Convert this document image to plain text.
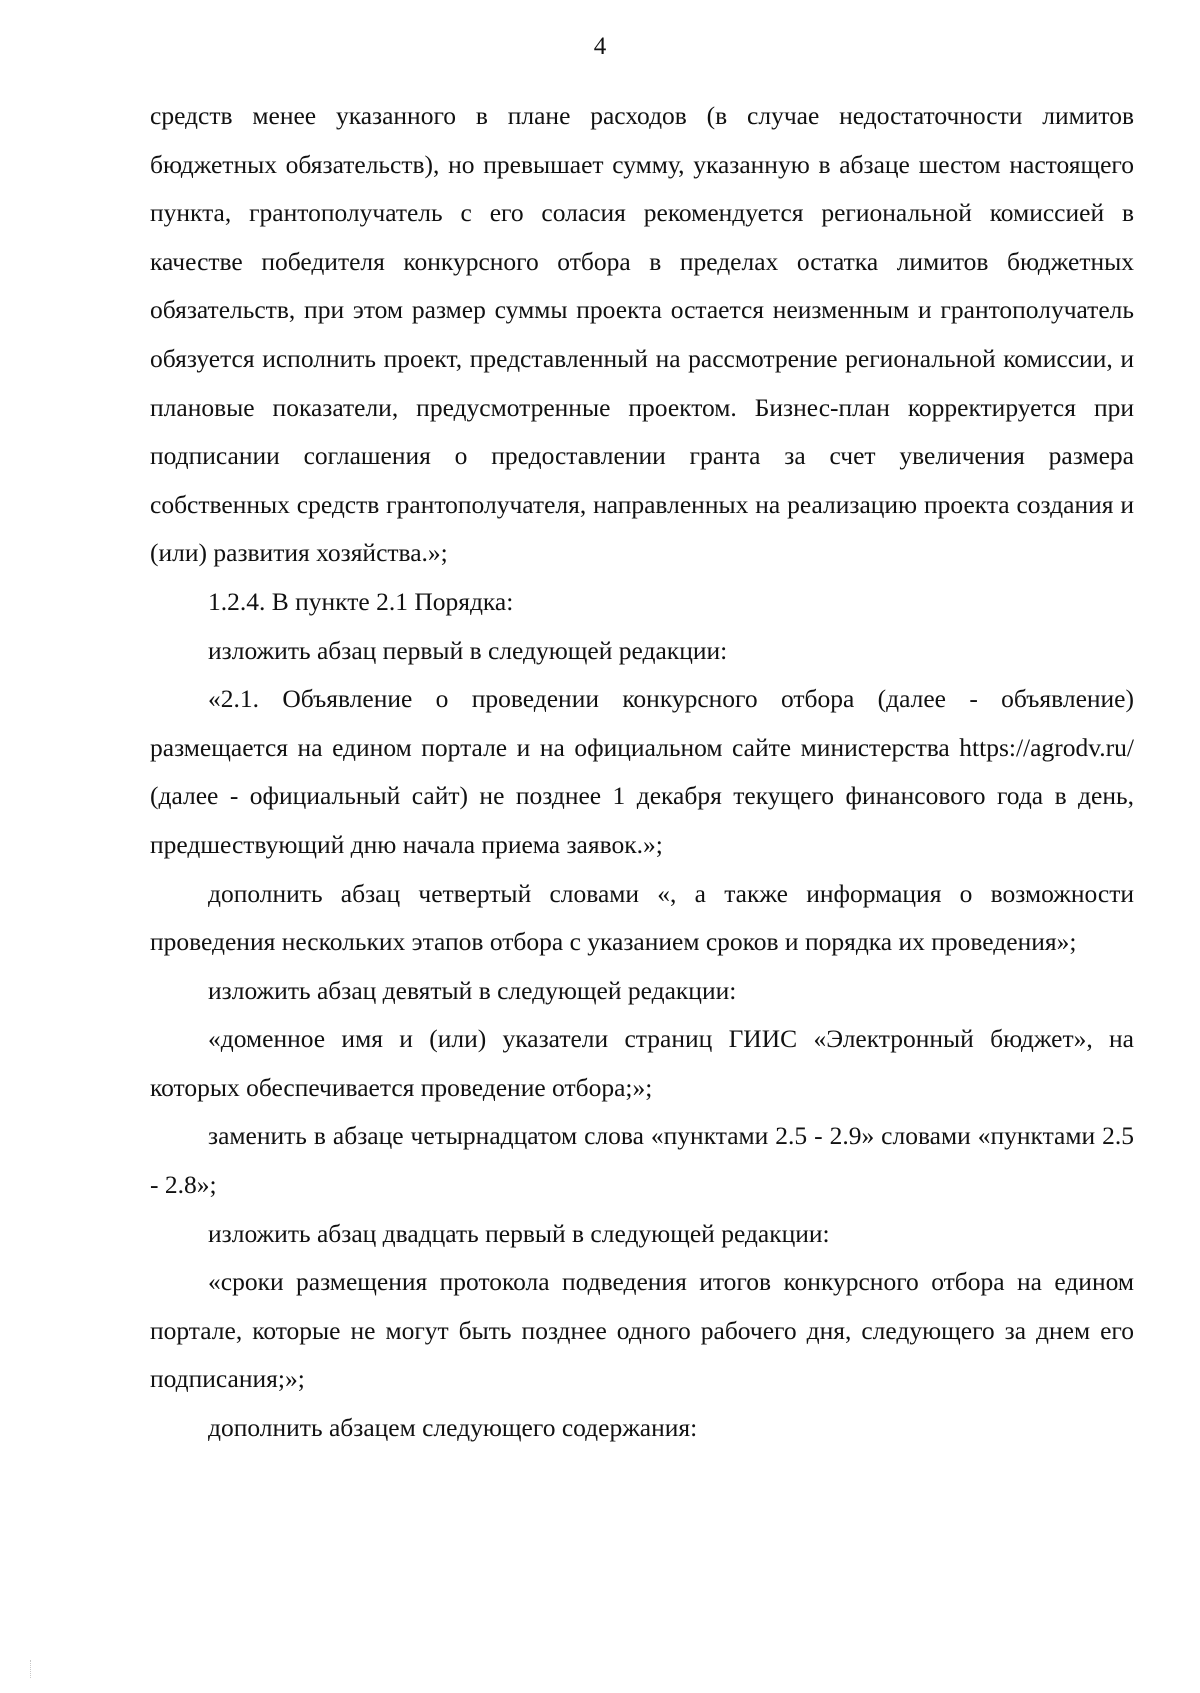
4

средств менее указанного в плане расходов (в случае недостаточности лимитов бюджетных обязательств), но превышает сумму, указанную в абзаце шестом настоящего пункта, грантополучатель с его соласия рекомендуется региональной комиссией в качестве победителя конкурсного отбора в пределах остатка лимитов бюджетных обязательств, при этом размер суммы проекта остается неизменным и грантополучатель обязуется исполнить проект, представленный на рассмотрение региональной комиссии, и плановые показатели, предусмотренные проектом. Бизнес-план корректируется при подписании соглашения о предоставлении гранта за счет увеличения размера собственных средств грантополучателя, направленных на реализацию проекта создания и (или) развития хозяйства.»;

1.2.4. В пункте 2.1 Порядка:

изложить абзац первый в следующей редакции:

«2.1. Объявление о проведении конкурсного отбора (далее - объявление) размещается на едином портале и на официальном сайте министерства https://agrodv.ru/ (далее - официальный сайт) не позднее 1 декабря текущего финансового года в день, предшествующий дню начала приема заявок.»;

дополнить абзац четвертый словами «, а также информация о возможности проведения нескольких этапов отбора с указанием сроков и порядка их проведения»;

изложить абзац девятый в следующей редакции:

«доменное имя и (или) указатели страниц ГИИС «Электронный бюджет», на которых обеспечивается проведение отбора;»;

заменить в абзаце четырнадцатом слова «пунктами 2.5 - 2.9» словами «пунктами 2.5 - 2.8»;

изложить абзац двадцать первый в следующей редакции:

«сроки размещения протокола подведения итогов конкурсного отбора на едином портале, которые не могут быть позднее одного рабочего дня, следующего за днем его подписания;»;

дополнить абзацем следующего содержания:
